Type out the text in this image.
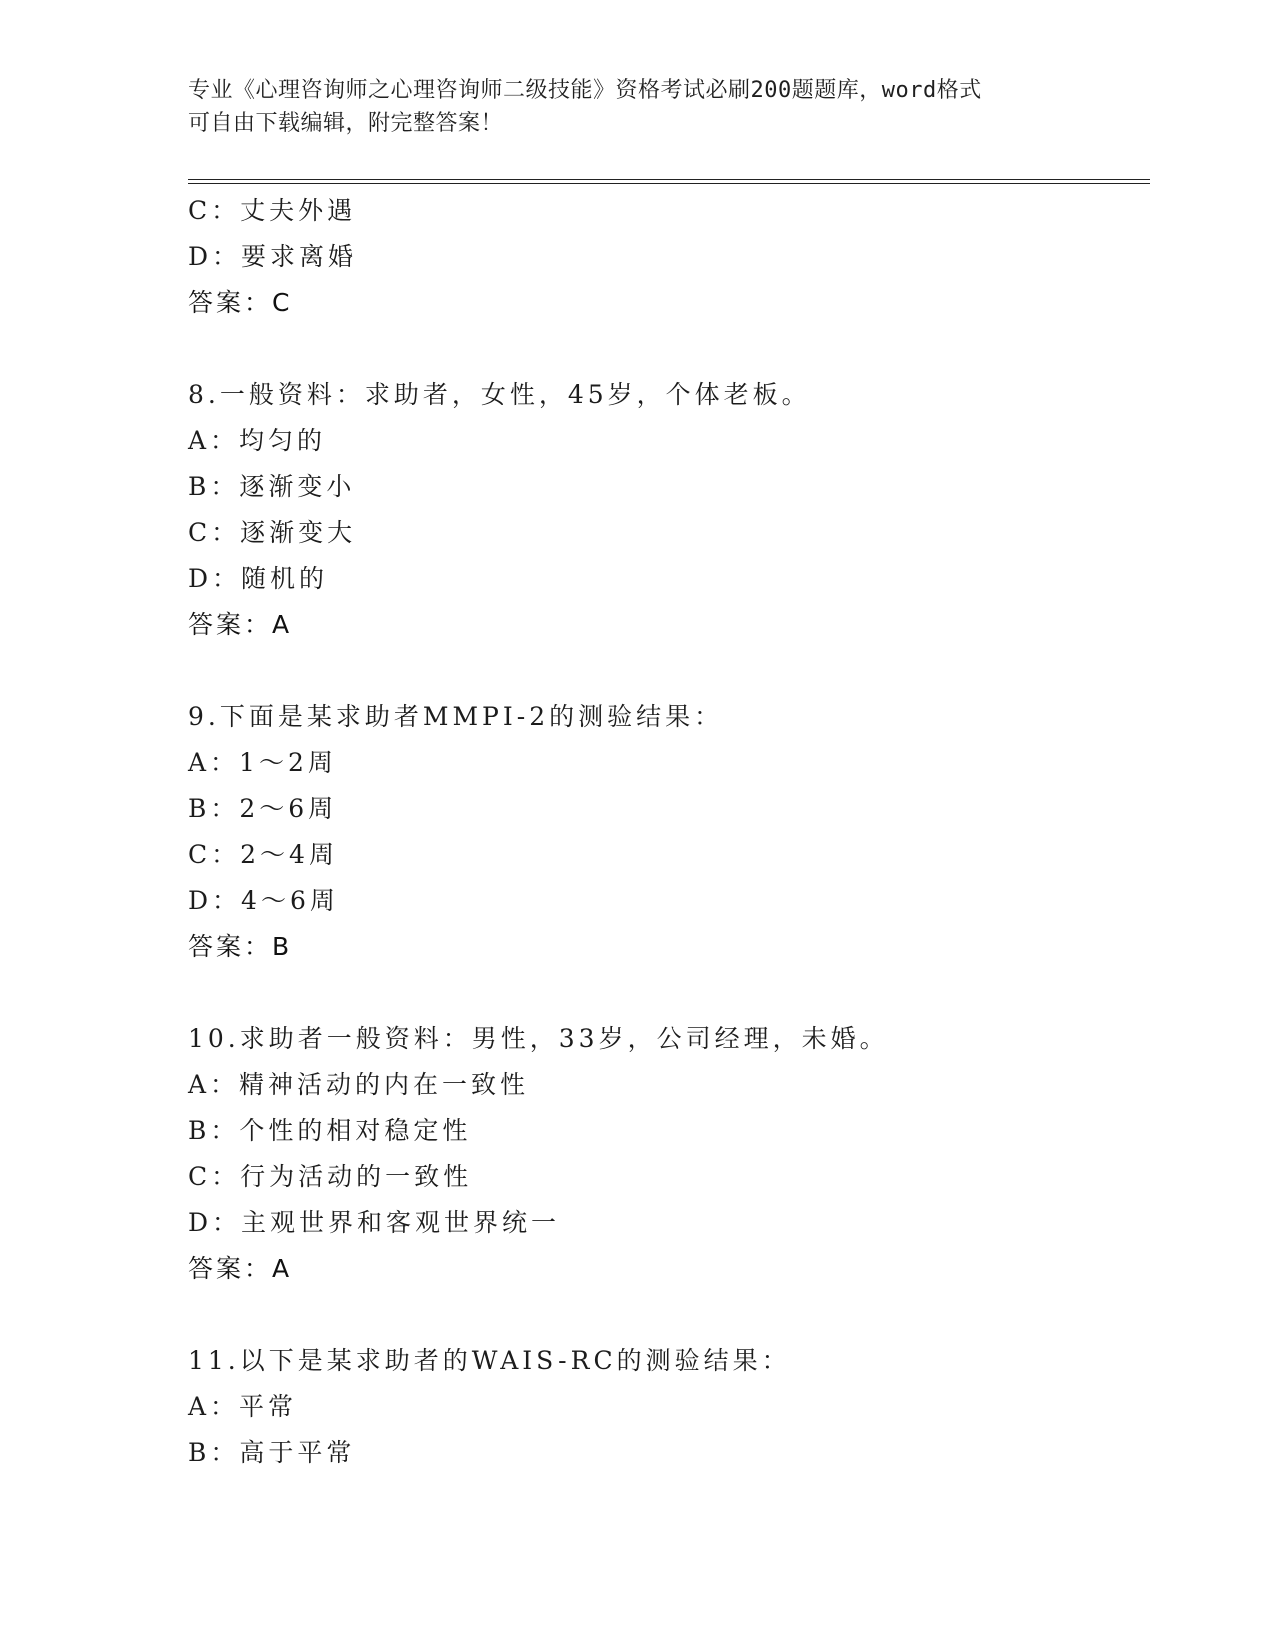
专业《心理咨询师之心理咨询师二级技能》资格考试必刷200题题库，word格式
可自由下载编辑，附完整答案！
C：丈夫外遇
D：要求离婚
答案：C
8.一般资料：求助者，女性，45岁，个体老板。
A：均匀的
B：逐渐变小
C：逐渐变大
D：随机的
答案：A
9.下面是某求助者MMPI-2的测验结果：
A：1～2周
B：2～6周
C：2～4周
D：4～6周
答案：B
10.求助者一般资料：男性，33岁，公司经理，未婚。
A：精神活动的内在一致性
B：个性的相对稳定性
C：行为活动的一致性
D：主观世界和客观世界统一
答案：A
11.以下是某求助者的WAIS-RC的测验结果：
A：平常
B：高于平常
